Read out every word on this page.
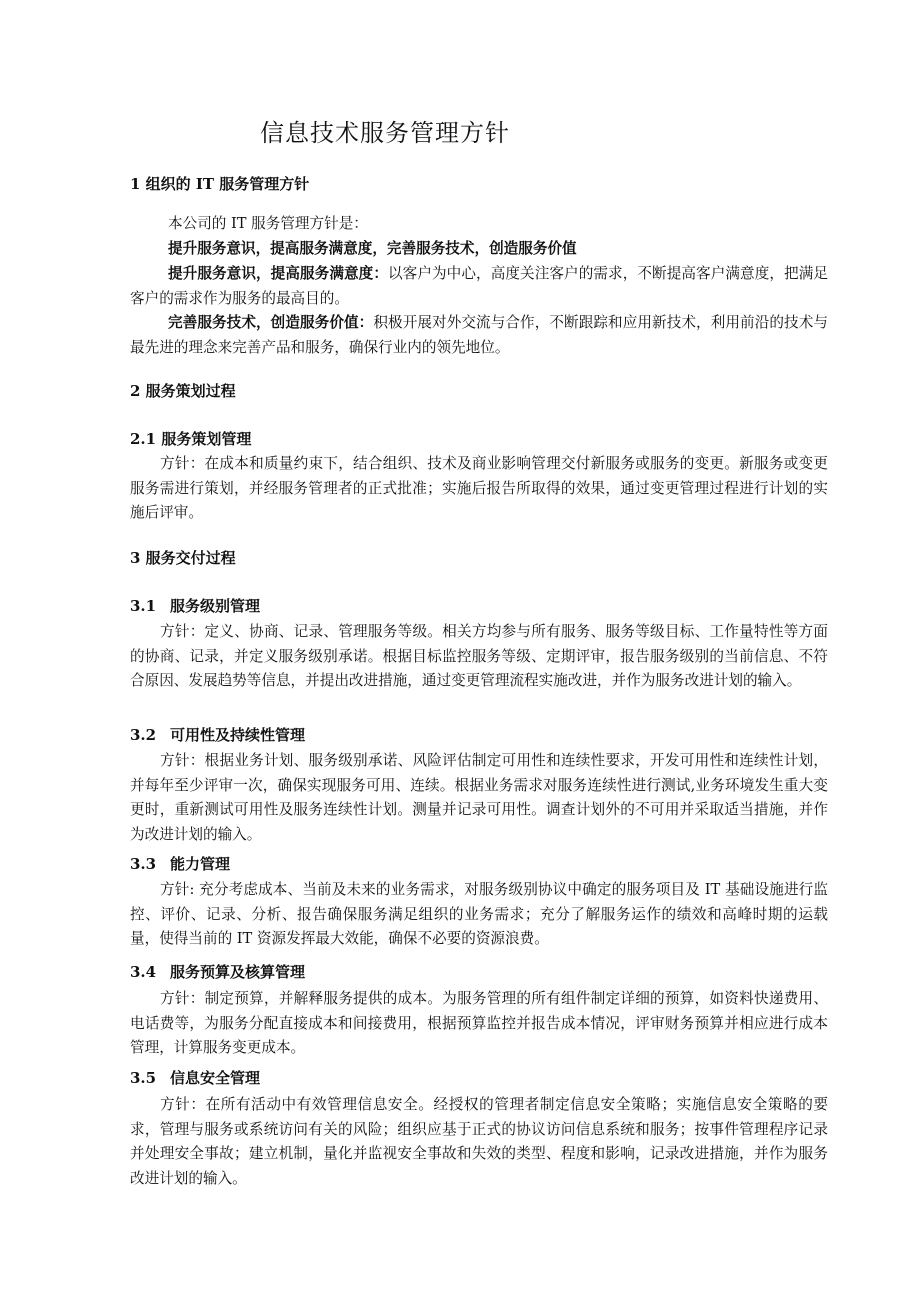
信息技术服务管理方针
1 组织的 IT 服务管理方针
本公司的 IT 服务管理方针是：
提升服务意识，提高服务满意度，完善服务技术，创造服务价值
提升服务意识，提高服务满意度：以客户为中心，高度关注客户的需求，不断提高客户满意度，把满足客户的需求作为服务的最高目的。
完善服务技术，创造服务价值：积极开展对外交流与合作，不断跟踪和应用新技术，利用前沿的技术与最先进的理念来完善产品和服务，确保行业内的领先地位。
2 服务策划过程
2.1 服务策划管理
方针：在成本和质量约束下，结合组织、技术及商业影响管理交付新服务或服务的变更。新服务或变更服务需进行策划，并经服务管理者的正式批准；实施后报告所取得的效果，通过变更管理过程进行计划的实施后评审。
3 服务交付过程
3.1 服务级别管理
方针：定义、协商、记录、管理服务等级。相关方均参与所有服务、服务等级目标、工作量特性等方面的协商、记录，并定义服务级别承诺。根据目标监控服务等级、定期评审，报告服务级别的当前信息、不符合原因、发展趋势等信息，并提出改进措施，通过变更管理流程实施改进，并作为服务改进计划的输入。
3.2 可用性及持续性管理
方针：根据业务计划、服务级别承诺、风险评估制定可用性和连续性要求，开发可用性和连续性计划，并每年至少评审一次，确保实现服务可用、连续。根据业务需求对服务连续性进行测试,业务环境发生重大变更时，重新测试可用性及服务连续性计划。测量并记录可用性。调查计划外的不可用并采取适当措施，并作为改进计划的输入。
3.3 能力管理
方针: 充分考虑成本、当前及未来的业务需求，对服务级别协议中确定的服务项目及 IT 基础设施进行监控、评价、记录、分析、报告确保服务满足组织的业务需求；充分了解服务运作的绩效和高峰时期的运载量，使得当前的 IT 资源发挥最大效能，确保不必要的资源浪费。
3.4 服务预算及核算管理
方针：制定预算，并解释服务提供的成本。为服务管理的所有组件制定详细的预算，如资料快递费用、电话费等，为服务分配直接成本和间接费用，根据预算监控并报告成本情况，评审财务预算并相应进行成本管理，计算服务变更成本。
3.5 信息安全管理
方针：在所有活动中有效管理信息安全。经授权的管理者制定信息安全策略；实施信息安全策略的要求，管理与服务或系统访问有关的风险；组织应基于正式的协议访问信息系统和服务；按事件管理程序记录并处理安全事故；建立机制，量化并监视安全事故和失效的类型、程度和影响，记录改进措施，并作为服务改进计划的输入。
